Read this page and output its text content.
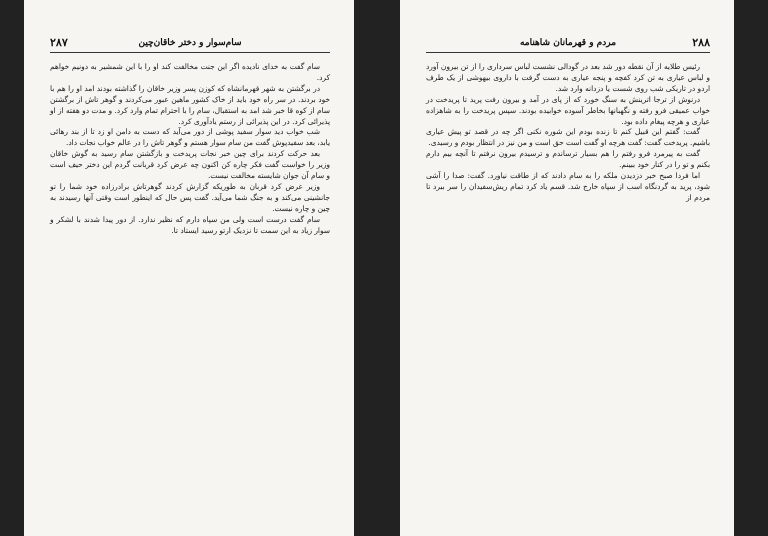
۲۸۷	سام‌سوار و دختر خاقان‌چین

سام گفت به خدای نادیده اگر این جنت مخالفت کند او را با این شمشیر به دونیم خواهم کرد.

در برگشتن به شهر قهرمانشاه که کوزن پسر وزیر خاقان را گذاشته بودند امد او را هم با خود بردند. در سر راه خود باید از خاک کشور ماهین عبور می‌کردند و گوهر تاش از برگشتن سام از کوه قا خبر شد امد به استقبال، سام را با احترام تمام وارد کرد. و مدت دو هفته از او پذیرائی کرد. در این پذیرائی از رستم یادآوری کرد.

شب خواب دید سوار سفید پوشی از دور می‌آید که دست به دامن او زد تا از بند رهائی یابد، بعد سفیدپوش گفت من سام سوار هستم و گوهر تاش را در عالم خواب نجات داد.

بعد حرکت کردند برای چین خبر نجات پریدخت و بازگشتن سام رسید به گوش خاقان وزیر را خواست گفت فکر چاره کن اکنون چه عرض کرد قربانت گردم این دختر حیف است و سام آن جوان شایسته مخالفت نیست.

وزیر عرض کرد قربان به طوریکه گزارش کردند گوهرتاش برادرزاده خود شما را تو جانشینی می‌کند و به جنگ شما می‌آید. گفت پس حال که اینطور است وقتی آنها رسیدند به چین و چاره نیست.

سام گفت درست است ولی من سپاه دارم که نظیر ندارد. از دور پیدا شدند با لشکر و سوار زیاد به این سمت تا نزدیک ارتو رسید ایستاد تا.

۲۸۸
مردم و قهرمانان شاهنامه

رئیس طلایه از آن نقطه دور شد بعد در گودالی نشست لباس سرداری را از تن بیرون آورد و لباس عیاری به تن کرد کفچه و پنجه عیاری به دست گرفت با داروی بیهوشی از یک طرف اردو در تاریکی شب روی شست یا دزدانه وارد شد.

درنوش از ترجا اترینش به سنگ خورد که از پای در آمد و بیرون رفت پرید تا پریدخت در خواب عمیقی فرو رفته و نگهبانها بخاطر آسوده خوابیده بودند. سپس پریدخت را به شاهزاده عیاری و هرچه پیغام داده بود.

گفت: گفتم این قبیل کنم تا زنده بودم این شوره نکنی اگر چه در قصد تو پیش عیاری باشیم. پریدخت گفت: گفت هرچه او گفت است حق است و من نیز در انتظار بودم و رسیدی.

گفت به پیرمرد فرو رفتم را هم بسیار ترساندم و ترسیدم بیرون نرفتم تا آنچه بیم دارم بکنم و تو را در کنار خود ببینم.

اما فردا صبح خبر دزدیدن ملکه را به سام دادند که از طاقت نیاورد. گفت: صدا را آشی شود، پرید به گردنگاه اسب از سپاه خارج شد. قسم یاد کرد تمام ریش‌سفیدان را سر ببرد تا مردم از
